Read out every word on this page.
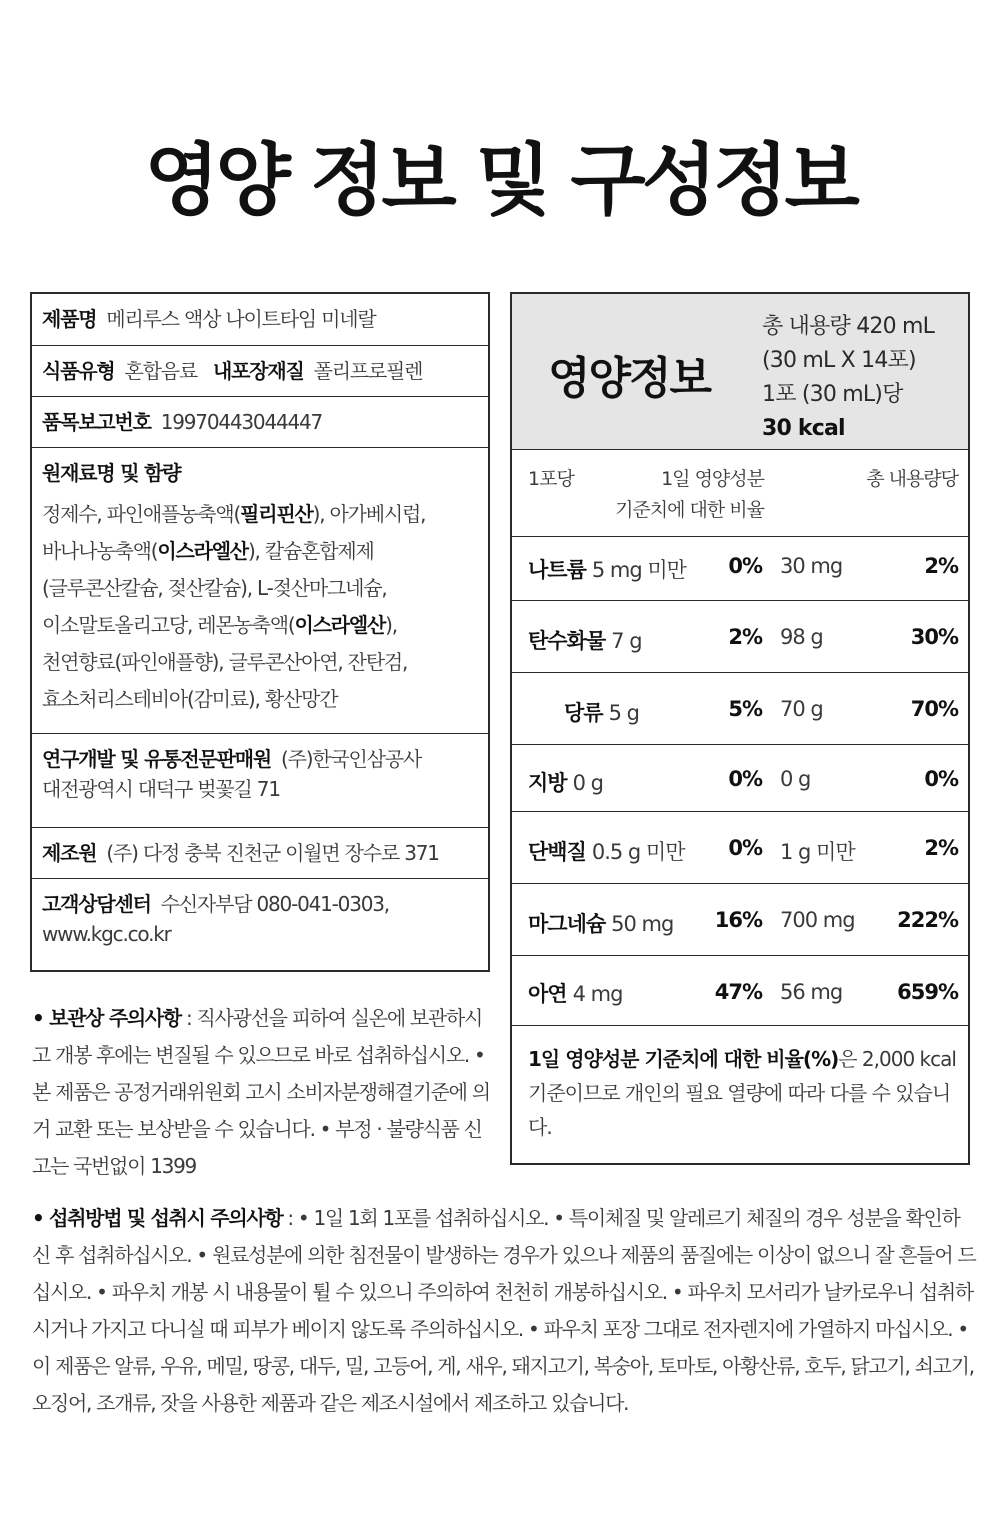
영양 정보 및 구성정보
제품명 메리루스 액상 나이트타임 미네랄
식품유형 혼합음료 내포장재질 폴리프로필렌
품목보고번호 19970443044447
원재료명 및 함량
정제수, 파인애플농축액(필리핀산), 아가베시럽,
바나나농축액(이스라엘산), 칼슘혼합제제
(글루콘산칼슘, 젖산칼슘), L-젖산마그네슘,
이소말토올리고당, 레몬농축액(이스라엘산),
천연향료(파인애플향), 글루콘산아연, 잔탄검,
효소처리스테비아(감미료), 황산망간
연구개발 및 유통전문판매원 (주)한국인삼공사
대전광역시 대덕구 벚꽃길 71
제조원 (주) 다정 충북 진천군 이월면 장수로 371
고객상담센터 수신자부담 080-041-0303,
www.kgc.co.kr
• 보관상 주의사항 : 직사광선을 피하여 실온에 보관하시고 개봉 후에는 변질될 수 있으므로 바로 섭취하십시오. • 본 제품은 공정거래위원회 고시 소비자분쟁해결기준에 의거 교환 또는 보상받을 수 있습니다. • 부정 · 불량식품 신고는 국번없이 1399
영양정보
총 내용량 420 mL
(30 mL X 14포)
1포 (30 mL)당
30 kcal
1포당	1일 영양성분
기준치에 대한 비율
총 내용량당
나트륨 5 mg 미만 0% 30 mg	2%
탄수화물 7 g	2% 98 g	30%
당류 5 g	5% 70 g	70%
지방 0 g	0% 0 g	0%
단백질 0.5 g 미만 0% 1 g 미만	2%
마그네슘 50 mg 16% 700 mg 222%
아연 4 mg	47% 56 mg	659%
1일 영양성분 기준치에 대한 비율(%)은 2,000 kcal 기준이므로 개인의 필요 열량에 따라 다를 수 있습니다.
• 섭취방법 및 섭취시 주의사항 : • 1일 1회 1포를 섭취하십시오. • 특이체질 및 알레르기 체질의 경우 성분을 확인하신 후 섭취하십시오. • 원료성분에 의한 침전물이 발생하는 경우가 있으나 제품의 품질에는 이상이 없으니 잘 흔들어 드십시오. • 파우치 개봉 시 내용물이 튈 수 있으니 주의하여 천천히 개봉하십시오. • 파우치 모서리가 날카로우니 섭취하시거나 가지고 다니실 때 피부가 베이지 않도록 주의하십시오. • 파우치 포장 그대로 전자렌지에 가열하지 마십시오. • 이 제품은 알류, 우유, 메밀, 땅콩, 대두, 밀, 고등어, 게, 새우, 돼지고기, 복숭아, 토마토, 아황산류, 호두, 닭고기, 쇠고기, 오징어, 조개류, 잣을 사용한 제품과 같은 제조시설에서 제조하고 있습니다.
